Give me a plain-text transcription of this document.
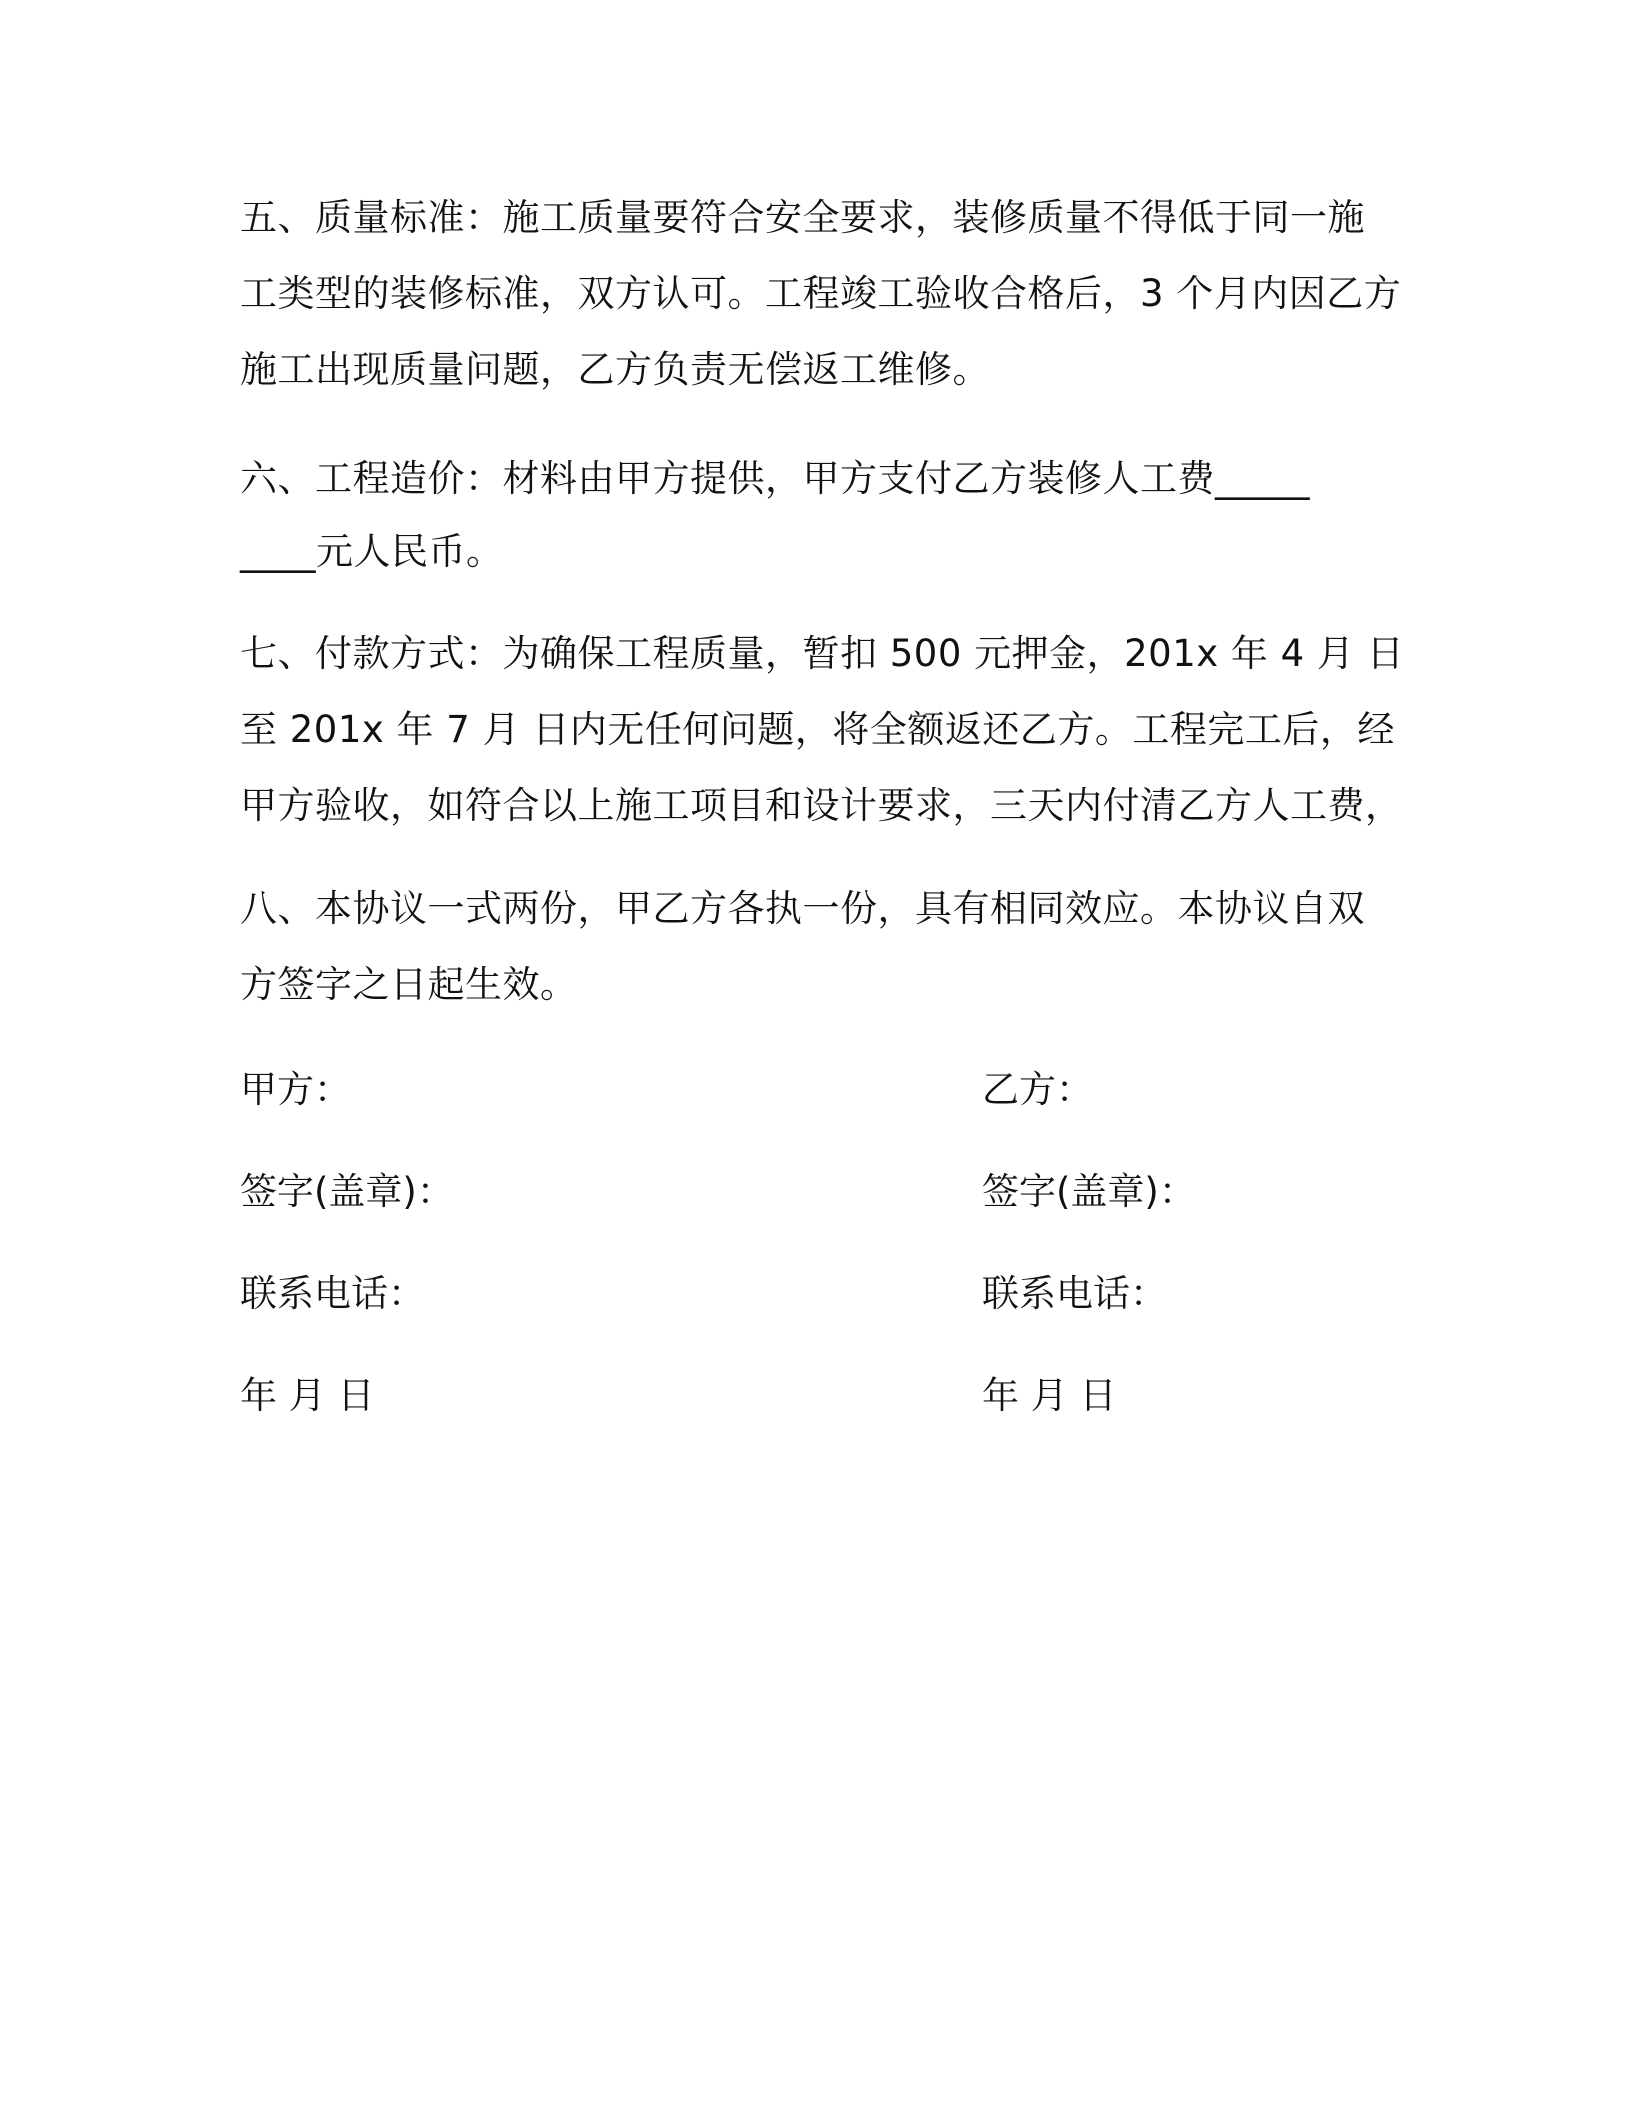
五、质量标准：施工质量要符合安全要求，装修质量不得低于同一施
工类型的装修标准，双方认可。工程竣工验收合格后，3 个月内因乙方
施工出现质量问题，乙方负责无偿返工维修。
六、工程造价：材料由甲方提供，甲方支付乙方装修人工费_____
____元人民币。
七、付款方式：为确保工程质量，暂扣 500 元押金，201x 年 4 月 日
至 201x 年 7 月 日内无任何问题，将全额返还乙方。工程完工后，经
甲方验收，如符合以上施工项目和设计要求，三天内付清乙方人工费，
八、本协议一式两份，甲乙方各执一份，具有相同效应。本协议自双
方签字之日起生效。
甲方：
签字(盖章)：
联系电话：
年 月 日
乙方：
签字(盖章)：
联系电话：
年 月 日
